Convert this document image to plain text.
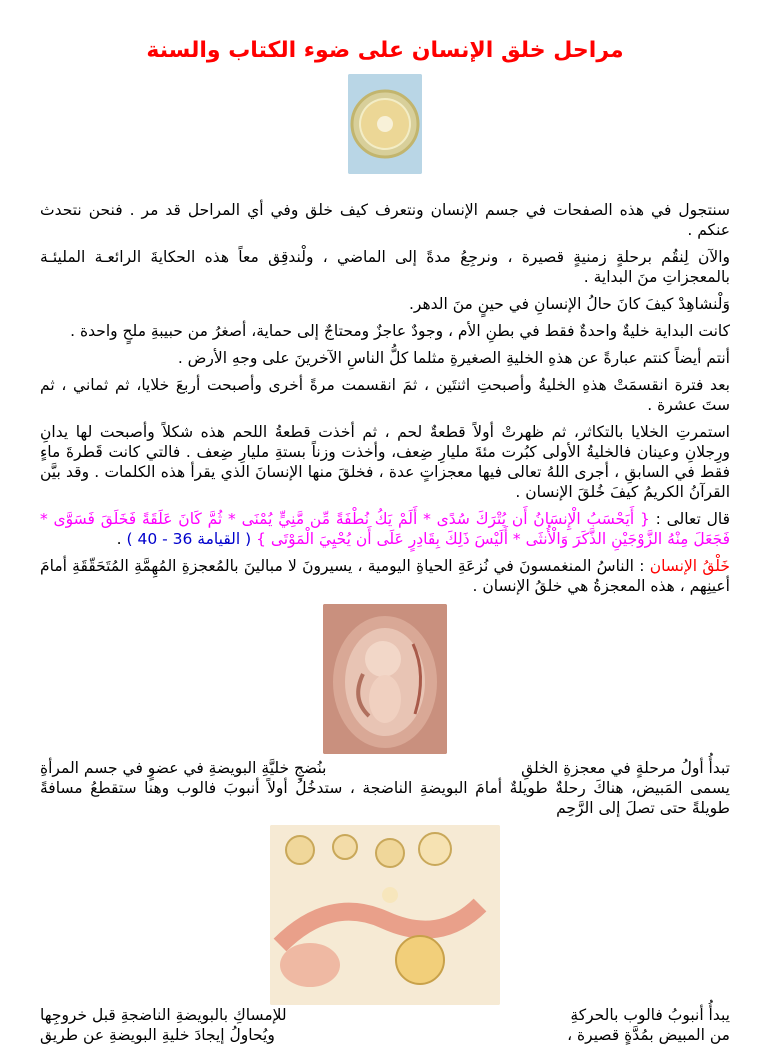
مراحل خلق الإنسان على ضوء الكتاب والسنة

سنتجول في هذه الصفحات في جسم الإنسان ونتعرف كيف خلق وفي أي المراحل قد مر . فنحن نتحدث عنكم .

والآن لِنقُم برحلةٍ زمنيةٍ قصيرة ، ونرجِعُ مدةً إلى الماضي ، ولْندقِق معاً هذه الحكايةَ الرائعـة المليئـة بالمعجزاتِ منَ البداية .

وَلْنشاهِدْ كيفَ كانَ حالُ الإنسانِ في حينٍ منَ الدهر.

كانت البداية خليةٌ واحدةٌ فقط في بطنِ الأم ، وجودٌ عاجزٌ ومحتاجٌ إلى حماية، أصغرُ من حبيبةِ ملحٍ واحدة .

أنتم أيضاً كنتم عبارةً عن هذهِ الخليةِ الصغيرةِ مثلما كلُّ الناسِ الآخرينَ على وجهِ الأرض .

بعد فترة انقسمَتْ هذهِ الخليةُ وأصبحتِ اثنتَين ، ثمَ انقسمت مرةً أخرى وأصبحت أربعَ خلايا، ثم ثماني ، ثم ستَ عشرة .

استمرتِ الخلايا بالتكاثر، ثم ظهرتْ أولاً قطعةٌ لحم ، ثم أخذت قطعةُ اللحم هذه شكلاً وأصبحت لها يدانِ ورِجلانِ وعينان فالخليةُ الأولى كبُرت مئةَ مليارِ ضِعف، وأخذت وزناً بستةِ مليارِ ضِعف . فالتي كانت قَطرةَ ماءٍ فقط في السابقِ ، أجرى اللهُ تعالى فيها معجزاتٍ عدة ، فخلقَ منها الإنسانَ الذي يقرأ هذه الكلمات . وقد بيَّن القرآنُ الكريمُ كيفَ خُلقَ الإنسان .

قال تعالى : { أَيَحْسَبُ الْإِنسَانُ أَن يُتْرَكَ سُدًى * أَلَمْ يَكُ نُطْفَةً مِّن مَّنِيٍّ يُمْنَى * ثُمَّ كَانَ عَلَقَةً فَخَلَقَ فَسَوَّى * فَجَعَلَ مِنْهُ الزَّوْجَيْنِ الذَّكَرَ وَالْأُنثَى * أَلَيْسَ ذَلِكَ بِقَادِرٍ عَلَى أَن يُحْيِيَ الْمَوْتَى } ( القيامة 36 - 40 ) .

خَلْقُ الإنسان : الناسُ المنغمسونَ في نُزعَةِ الحياةِ اليومية ، يسيرونَ لا مبالينَ بالمُعجزةِ المُهِمَّةِ المُتَحَقّقَةِ أمامَ أعينِهم ، هذه المعجزةُ هي خلقُ الإنسان .

تبدأُ أولُ مرحلةٍ في معجزةِ الخلقِ
بنُضجِ خليَّةِ البويضةِ في عضوٍ في جسم المرأةِ

يسمى المَبيض، هناكَ رحلةٌ طويلةٌ أمامَ البويضةِ الناضجة ، ستدخُلُ أولاً أنبوبَ فالوب وهنا ستقطعُ مسافةً طويلةً حتى تصلَ إلى الرَّحِم

يبدأُ أنبوبُ فالوب بالحركةِ
للإمساكِ بالبويضةِ الناضجةِ قبل خروجِها
من المبيضِ بمُدَّةٍ قصيرة ،
ويُحاولُ إيجادَ خليةِ البويضةِ عن طريقِ
